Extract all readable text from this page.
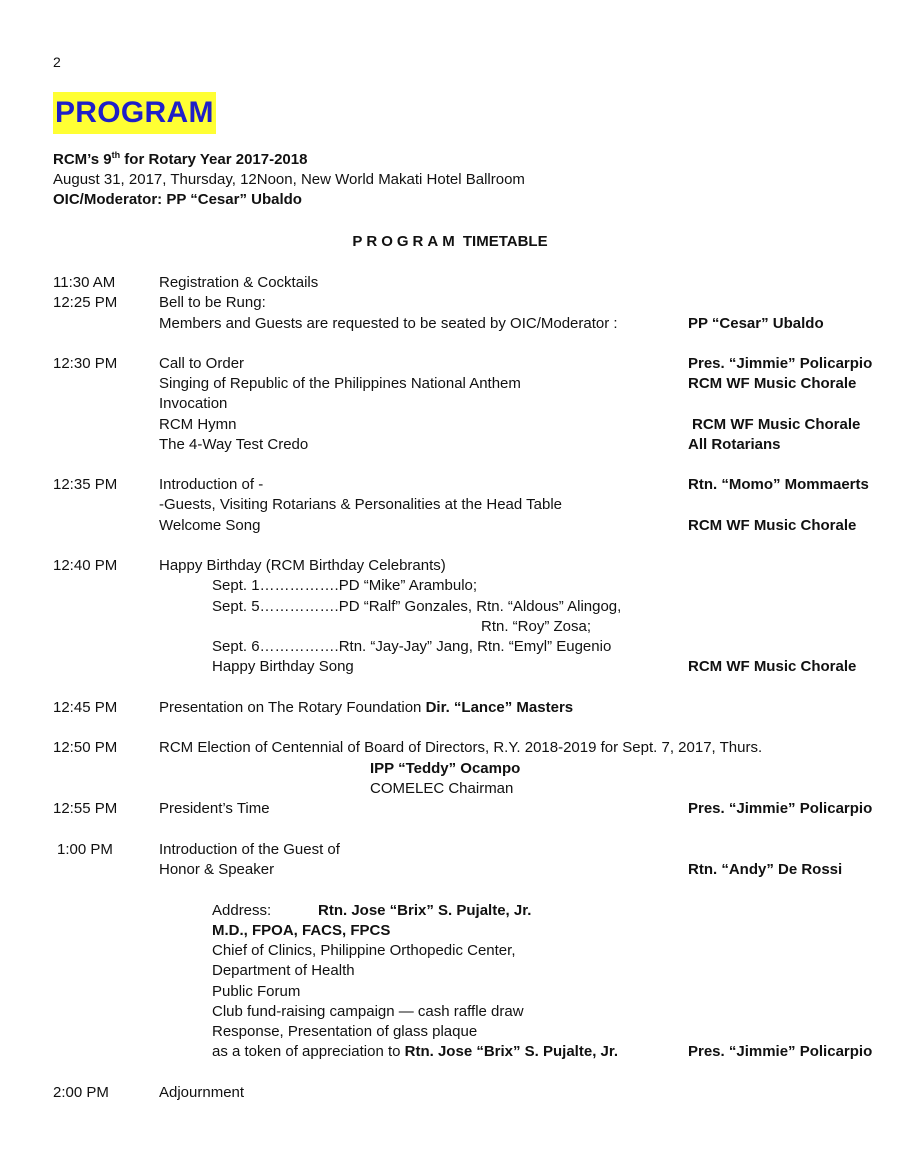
2
PROGRAM
RCM’s 9th for Rotary Year 2017-2018
August 31, 2017, Thursday, 12Noon, New World Makati Hotel Ballroom
OIC/Moderator: PP “Cesar” Ubaldo
PROGRAM TIMETABLE
11:30 AM	Registration & Cocktails
12:25 PM	Bell to be Rung:
Members and Guests are requested to be seated by OIC/Moderator :	PP “Cesar” Ubaldo
12:30 PM	Call to Order	Pres. “Jimmie” Policarpio
Singing of Republic of the Philippines National Anthem	RCM WF Music Chorale
Invocation
RCM Hymn	RCM WF Music Chorale
The 4-Way Test Credo	All Rotarians
12:35 PM	Introduction of -	Rtn. “Momo” Mommaerts
-Guests, Visiting Rotarians & Personalities at the Head Table
Welcome Song	RCM WF Music Chorale
12:40 PM	Happy Birthday (RCM Birthday Celebrants)
Sept. 1…………….PD “Mike” Arambulo;
Sept. 5…………….PD “Ralf” Gonzales, Rtn. “Aldous” Alingog,
Rtn. “Roy” Zosa;
Sept. 6…………….Rtn. “Jay-Jay” Jang, Rtn. “Emyl” Eugenio
Happy Birthday Song	RCM WF Music Chorale
12:45 PM	Presentation on The Rotary Foundation Dir. “Lance” Masters
12:50 PM	RCM Election of Centennial of Board of Directors, R.Y. 2018-2019 for Sept. 7, 2017, Thurs.
IPP “Teddy” Ocampo
COMELEC Chairman
12:55 PM	President’s Time	Pres. “Jimmie” Policarpio
1:00 PM	Introduction of the Guest of
Honor & Speaker	Rtn. “Andy” De Rossi
Address:	Rtn. Jose “Brix” S. Pujalte, Jr.
M.D., FPOA, FACS, FPCS
Chief of Clinics, Philippine Orthopedic Center,
Department of Health
Public Forum
Club fund-raising campaign — cash raffle draw
Response, Presentation of glass plaque
as a token of appreciation to Rtn. Jose “Brix” S. Pujalte, Jr.	Pres. “Jimmie” Policarpio
2:00 PM	Adjournment
